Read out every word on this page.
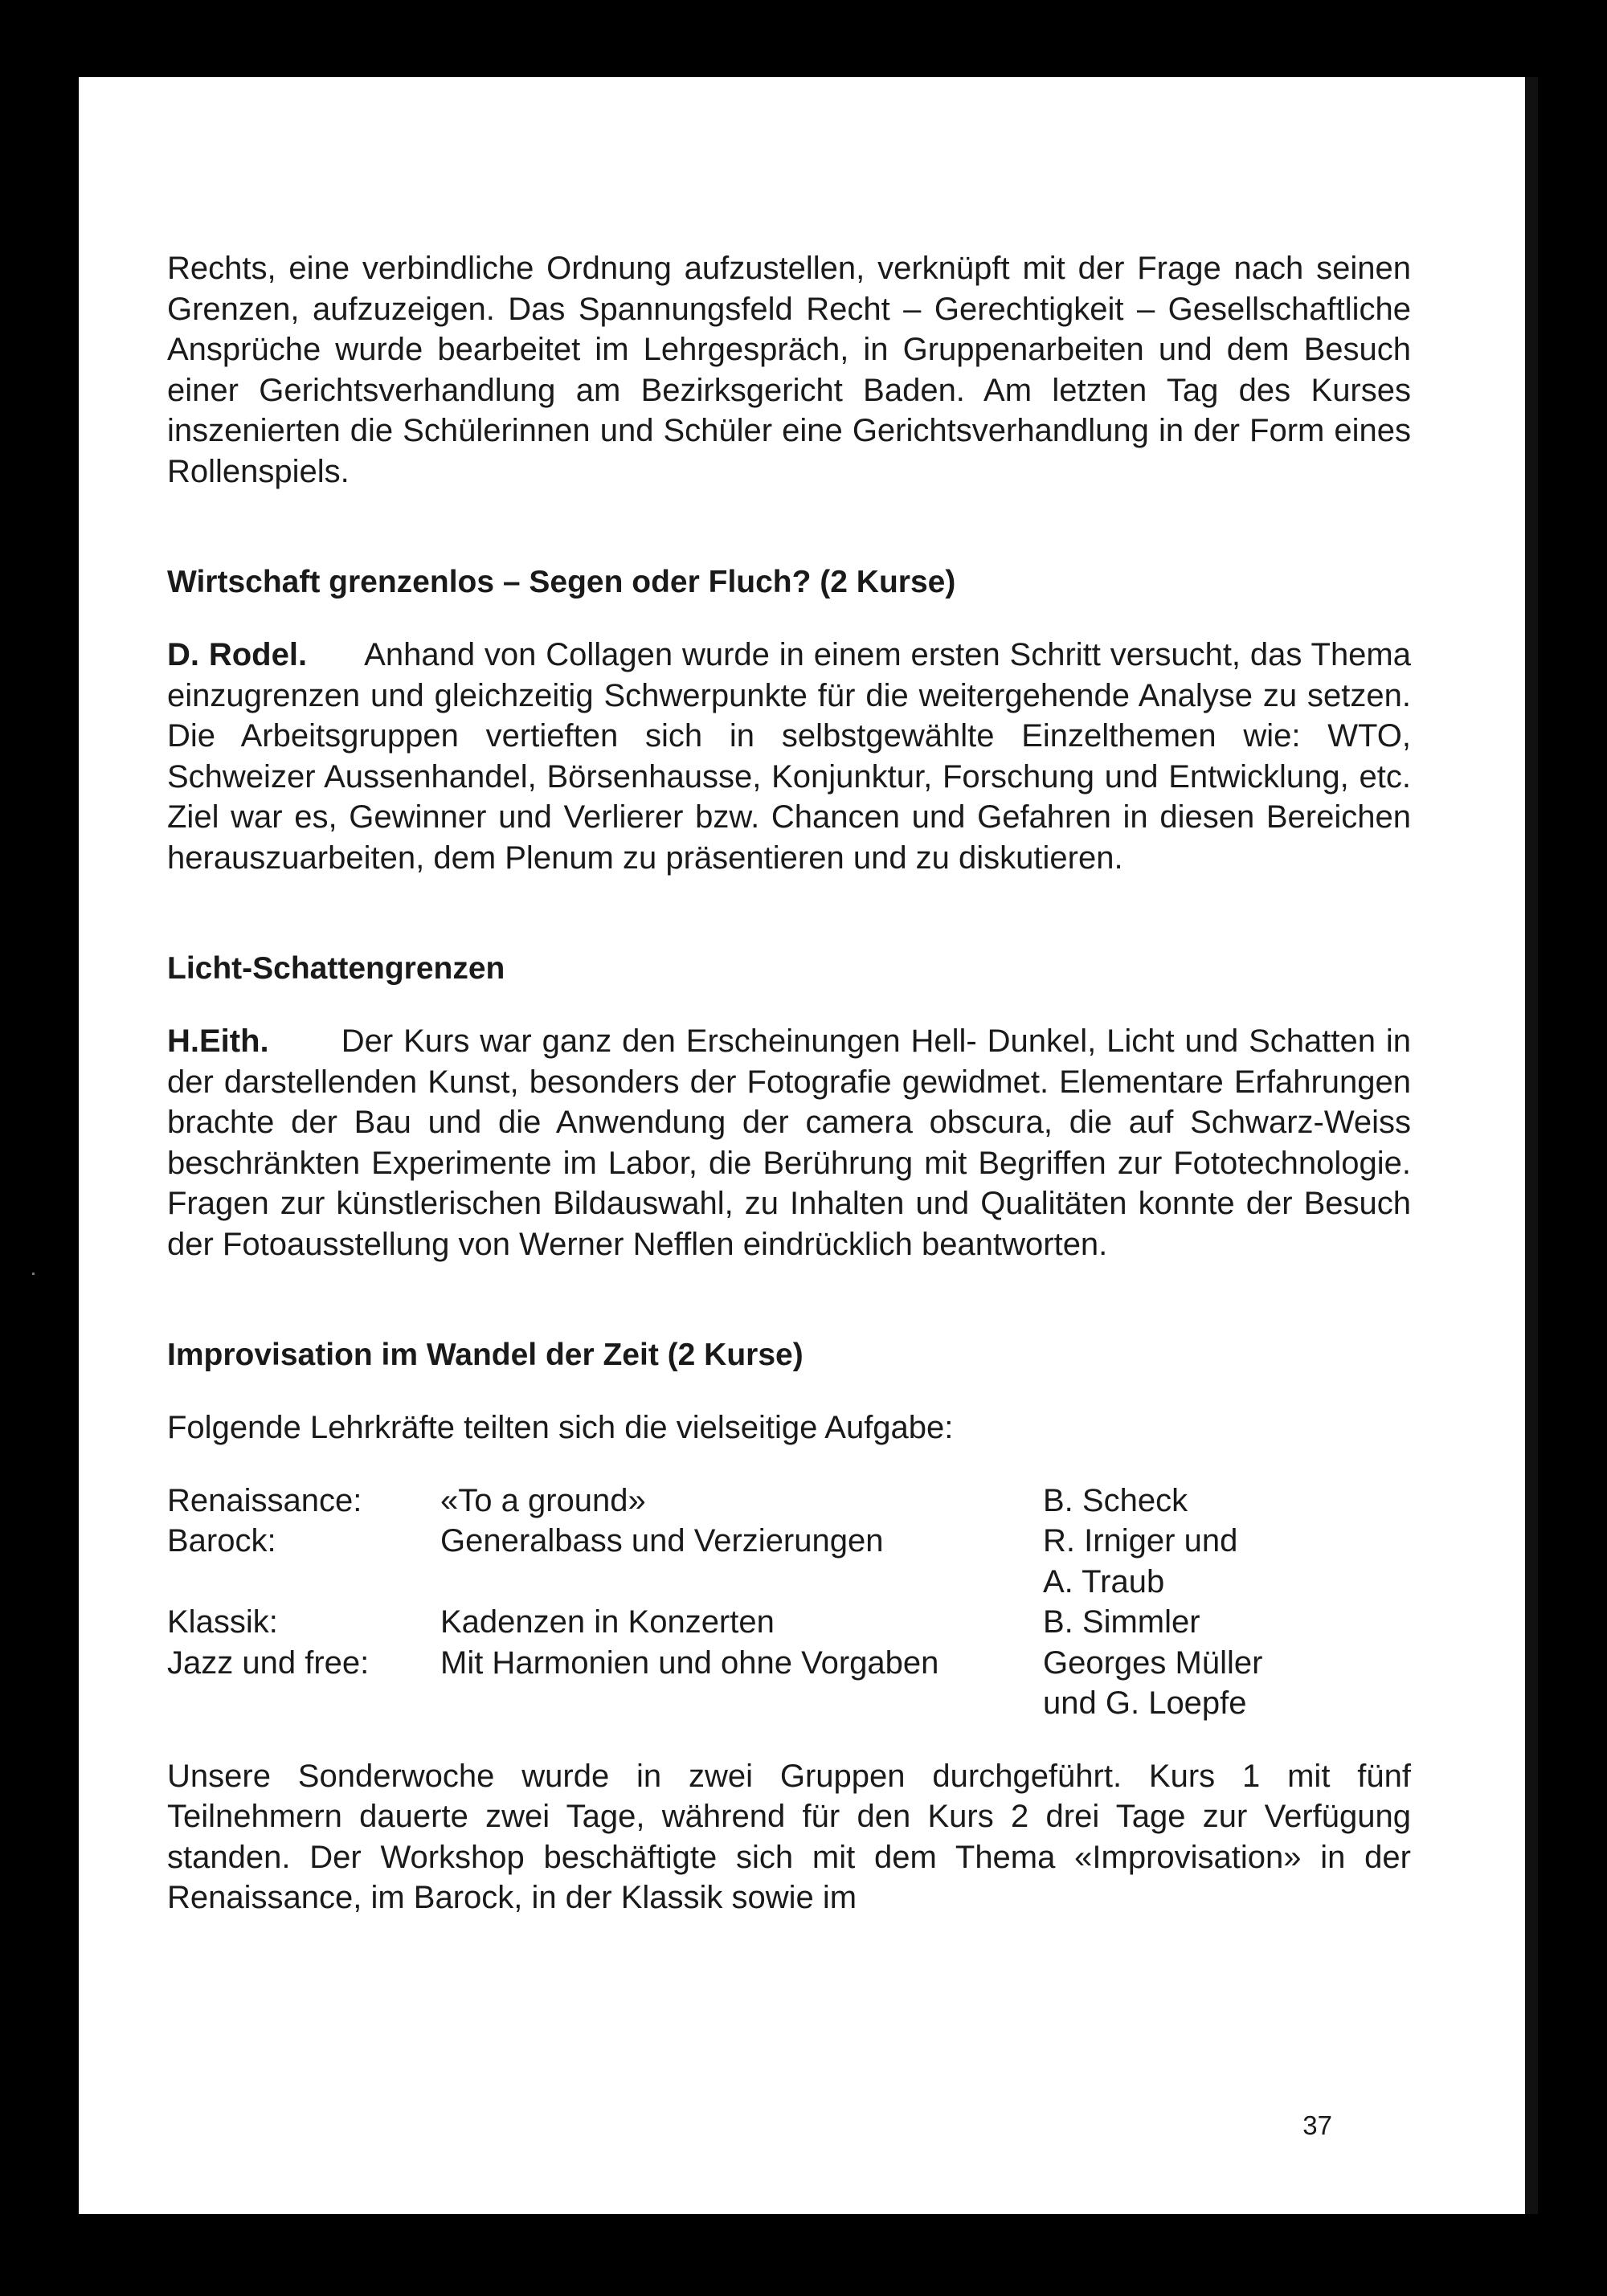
Rechts, eine verbindliche Ordnung aufzustellen, verknüpft mit der Frage nach seinen Grenzen, aufzuzeigen. Das Spannungsfeld Recht – Gerechtigkeit – Gesellschaftliche Ansprüche wurde bearbeitet im Lehrgespräch, in Gruppenarbeiten und dem Besuch einer Gerichtsverhandlung am Bezirksgericht Baden. Am letzten Tag des Kurses inszenierten die Schülerinnen und Schüler eine Gerichtsverhandlung in der Form eines Rollenspiels.

Wirtschaft grenzenlos – Segen oder Fluch? (2 Kurse)

D. Rodel. Anhand von Collagen wurde in einem ersten Schritt versucht, das Thema einzugrenzen und gleichzeitig Schwerpunkte für die weitergehende Analyse zu setzen. Die Arbeitsgruppen vertieften sich in selbstgewählte Einzelthemen wie: WTO, Schweizer Aussenhandel, Börsenhausse, Konjunktur, Forschung und Entwicklung, etc. Ziel war es, Gewinner und Verlierer bzw. Chancen und Gefahren in diesen Bereichen herauszuarbeiten, dem Plenum zu präsentieren und zu diskutieren.

Licht-Schattengrenzen

H.Eith. Der Kurs war ganz den Erscheinungen Hell- Dunkel, Licht und Schatten in der darstellenden Kunst, besonders der Fotografie gewidmet. Elementare Erfahrungen brachte der Bau und die Anwendung der camera obscura, die auf Schwarz-Weiss beschränkten Experimente im Labor, die Berührung mit Begriffen zur Fototechnologie. Fragen zur künstlerischen Bildauswahl, zu Inhalten und Qualitäten konnte der Besuch der Fotoausstellung von Werner Nefflen eindrücklich beantworten.

Improvisation im Wandel der Zeit (2 Kurse)

Folgende Lehrkräfte teilten sich die vielseitige Aufgabe:

Renaissance:	«To a ground»	B. Scheck
Barock:	Generalbass und Verzierungen	R. Irniger und
A. Traub
Klassik:	Kadenzen in Konzerten	B. Simmler
Jazz und free:	Mit Harmonien und ohne Vorgaben	Georges Müller
und G. Loepfe

Unsere Sonderwoche wurde in zwei Gruppen durchgeführt. Kurs 1 mit fünf Teilnehmern dauerte zwei Tage, während für den Kurs 2 drei Tage zur Verfügung standen. Der Workshop beschäftigte sich mit dem Thema «Improvisation» in der Renaissance, im Barock, in der Klassik sowie im

37
